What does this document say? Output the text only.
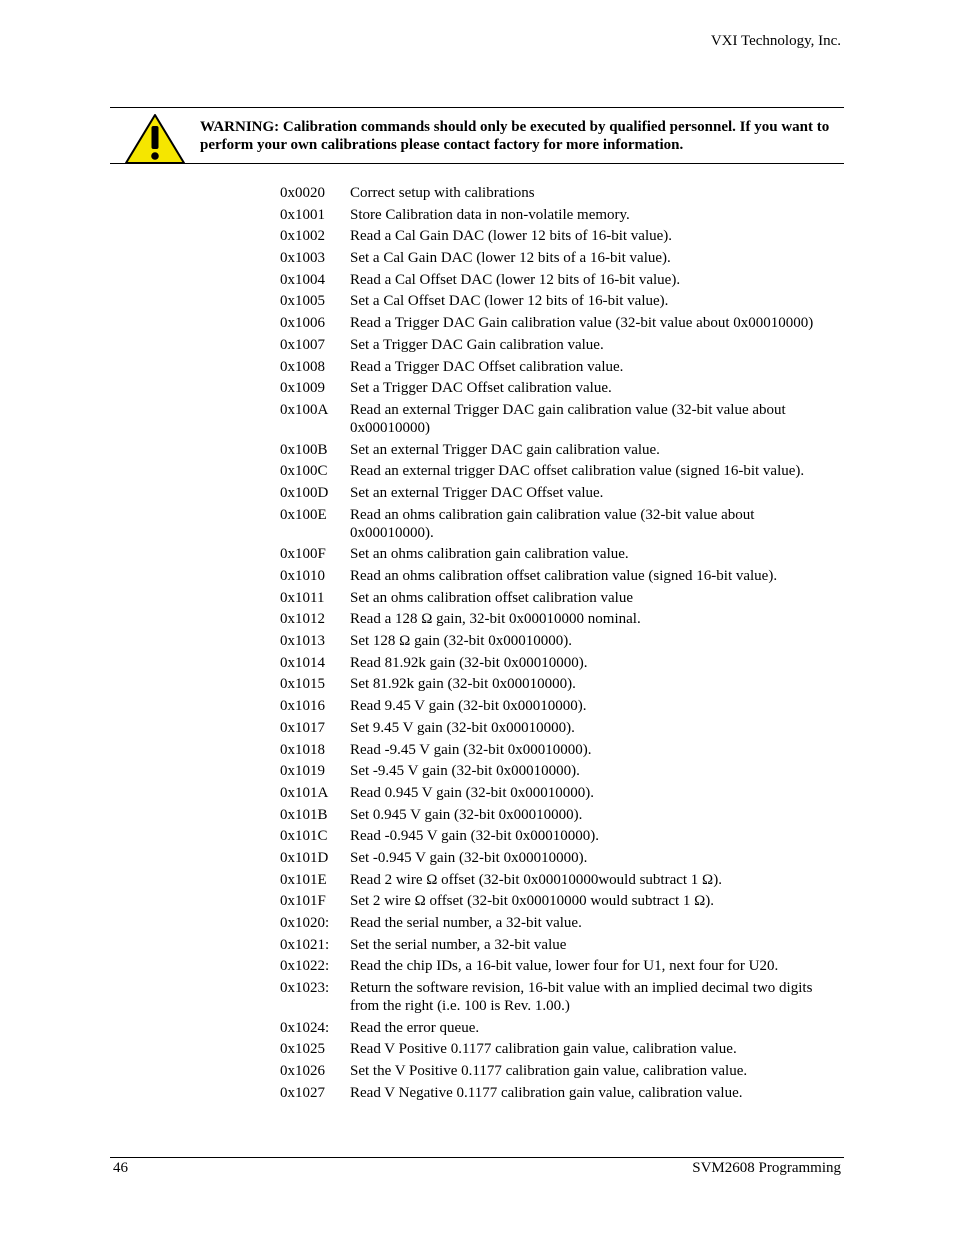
VXI Technology, Inc.
WARNING: Calibration commands should only be executed by qualified personnel. If you want to perform your own calibrations please contact factory for more information.
0x0020	Correct setup with calibrations
0x1001	Store Calibration data in non-volatile memory.
0x1002	Read a Cal Gain DAC (lower 12 bits of 16-bit value).
0x1003	Set a Cal Gain DAC (lower 12 bits of a 16-bit value).
0x1004	Read a Cal Offset DAC (lower 12 bits of 16-bit value).
0x1005	Set a Cal Offset DAC (lower 12 bits of 16-bit value).
0x1006	Read a Trigger DAC Gain calibration value (32-bit value about 0x00010000)
0x1007	Set a Trigger DAC Gain calibration value.
0x1008	Read a Trigger DAC Offset calibration value.
0x1009	Set a Trigger DAC Offset calibration value.
0x100A	Read an external Trigger DAC gain calibration value (32-bit value about 0x00010000)
0x100B	Set an external Trigger DAC gain calibration value.
0x100C	Read an external trigger DAC offset calibration value (signed 16-bit value).
0x100D	Set an external Trigger DAC Offset value.
0x100E	Read an ohms calibration gain calibration value (32-bit value about 0x00010000).
0x100F	Set an ohms calibration gain calibration value.
0x1010	Read an ohms calibration offset calibration value (signed 16-bit value).
0x1011	Set an ohms calibration offset calibration value
0x1012	Read a 128 Ω gain, 32-bit 0x00010000 nominal.
0x1013	Set 128 Ω gain (32-bit 0x00010000).
0x1014	Read 81.92k gain (32-bit 0x00010000).
0x1015	Set 81.92k gain (32-bit 0x00010000).
0x1016	Read 9.45 V gain (32-bit 0x00010000).
0x1017	Set 9.45 V gain (32-bit 0x00010000).
0x1018	Read -9.45 V gain (32-bit 0x00010000).
0x1019	Set -9.45 V gain (32-bit 0x00010000).
0x101A	Read 0.945 V gain (32-bit 0x00010000).
0x101B	Set 0.945 V gain (32-bit 0x00010000).
0x101C	Read -0.945 V gain (32-bit 0x00010000).
0x101D	Set -0.945 V gain (32-bit 0x00010000).
0x101E	Read 2 wire Ω offset (32-bit 0x00010000would subtract 1 Ω).
0x101F	Set 2 wire Ω offset (32-bit 0x00010000 would subtract 1 Ω).
0x1020:	Read the serial number, a 32-bit value.
0x1021:	Set the serial number, a 32-bit value
0x1022:	Read the chip IDs, a 16-bit value, lower four for U1, next four for U20.
0x1023:	Return the software revision, 16-bit value with an implied decimal two digits from the right (i.e. 100 is Rev. 1.00.)
0x1024:	Read the error queue.
0x1025	Read V Positive 0.1177 calibration gain value, calibration value.
0x1026	Set the V Positive 0.1177 calibration gain value, calibration value.
0x1027	Read V Negative 0.1177 calibration gain value, calibration value.
46	SVM2608 Programming
